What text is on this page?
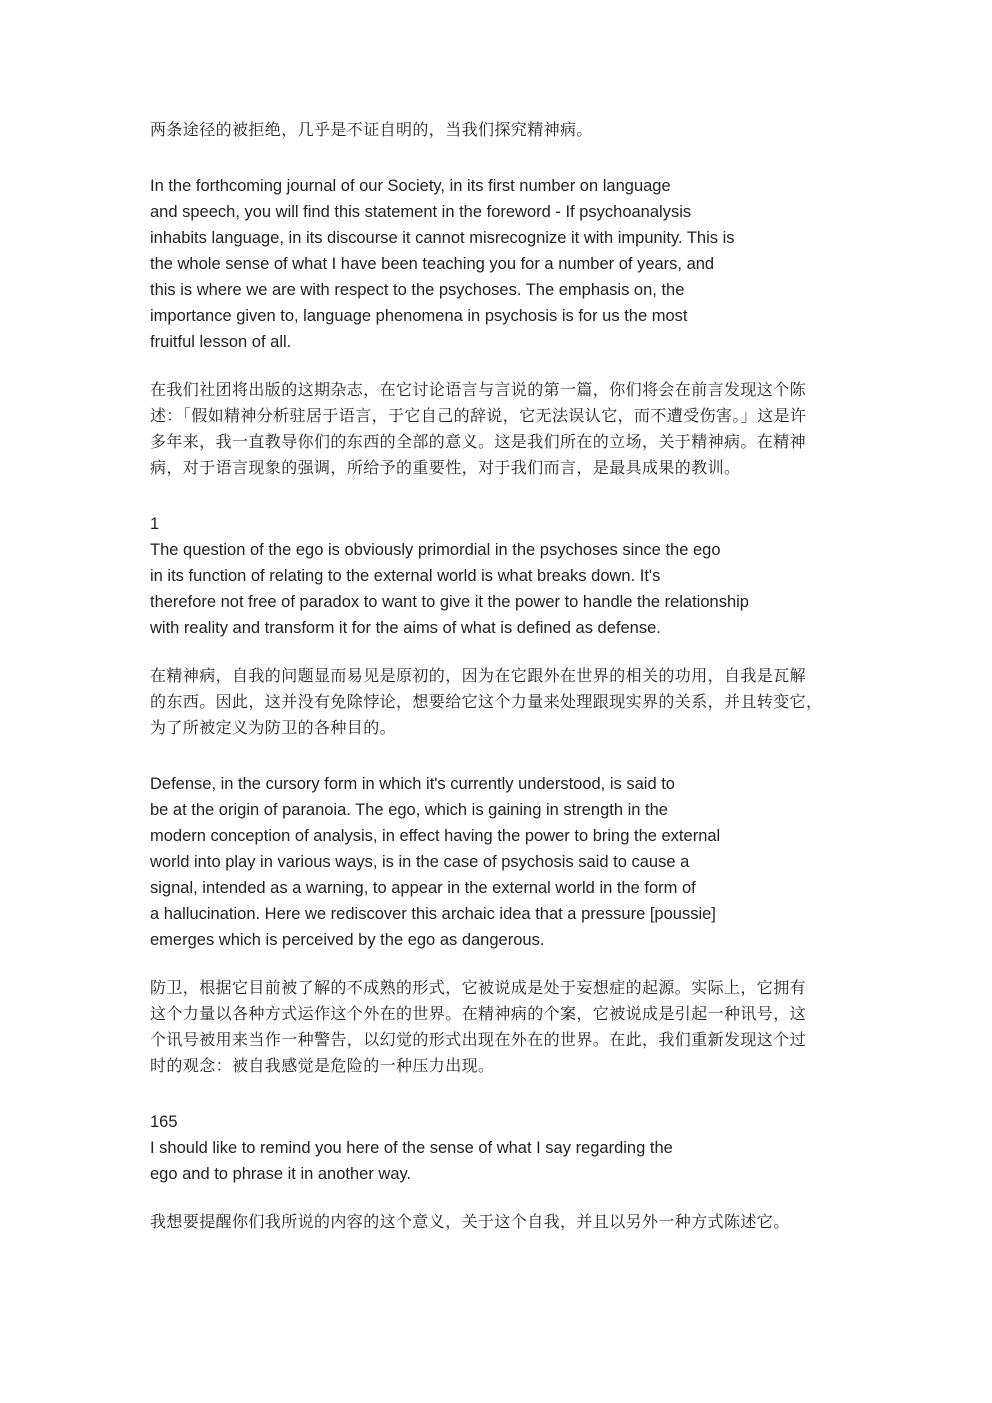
两条途径的被拒绝，几乎是不证自明的，当我们探究精神病。

In the forthcoming journal of our Society, in its first number on language
and speech, you will find this statement in the foreword - If psychoanalysis
inhabits language, in its discourse it cannot misrecognize it with impunity. This is
the whole sense of what I have been teaching you for a number of years, and
this is where we are with respect to the psychoses. The emphasis on, the
importance given to, language phenomena in psychosis is for us the most
fruitful lesson of all.

在我们社团将出版的这期杂志，在它讨论语言与言说的第一篇，你们将会在前言发现这个陈
述：「假如精神分析驻居于语言，于它自己的辞说，它无法误认它，而不遭受伤害。」这是许
多年来，我一直教导你们的东西的全部的意义。这是我们所在的立场，关于精神病。在精神
病，对于语言现象的强调，所给予的重要性，对于我们而言，是最具成果的教训。

1
The question of the ego is obviously primordial in the psychoses since the ego
in its function of relating to the external world is what breaks down. It's
therefore not free of paradox to want to give it the power to handle the relationship
with reality and transform it for the aims of what is defined as defense.

在精神病，自我的问题显而易见是原初的，因为在它跟外在世界的相关的功用，自我是瓦解
的东西。因此，这并没有免除悖论，想要给它这个力量来处理跟现实界的关系，并且转变它，
为了所被定义为防卫的各种目的。

Defense, in the cursory form in which it's currently understood, is said to
be at the origin of paranoia. The ego, which is gaining in strength in the
modern conception of analysis, in effect having the power to bring the external
world into play in various ways, is in the case of psychosis said to cause a
signal, intended as a warning, to appear in the external world in the form of
a hallucination. Here we rediscover this archaic idea that a pressure [poussie]
emerges which is perceived by the ego as dangerous.

防卫，根据它目前被了解的不成熟的形式，它被说成是处于妄想症的起源。实际上，它拥有
这个力量以各种方式运作这个外在的世界。在精神病的个案，它被说成是引起一种讯号，这
个讯号被用来当作一种警告，以幻觉的形式出现在外在的世界。在此，我们重新发现这个过
时的观念：被自我感觉是危险的一种压力出现。

165
I should like to remind you here of the sense of what I say regarding the
ego and to phrase it in another way.

我想要提醒你们我所说的内容的这个意义，关于这个自我，并且以另外一种方式陈述它。
